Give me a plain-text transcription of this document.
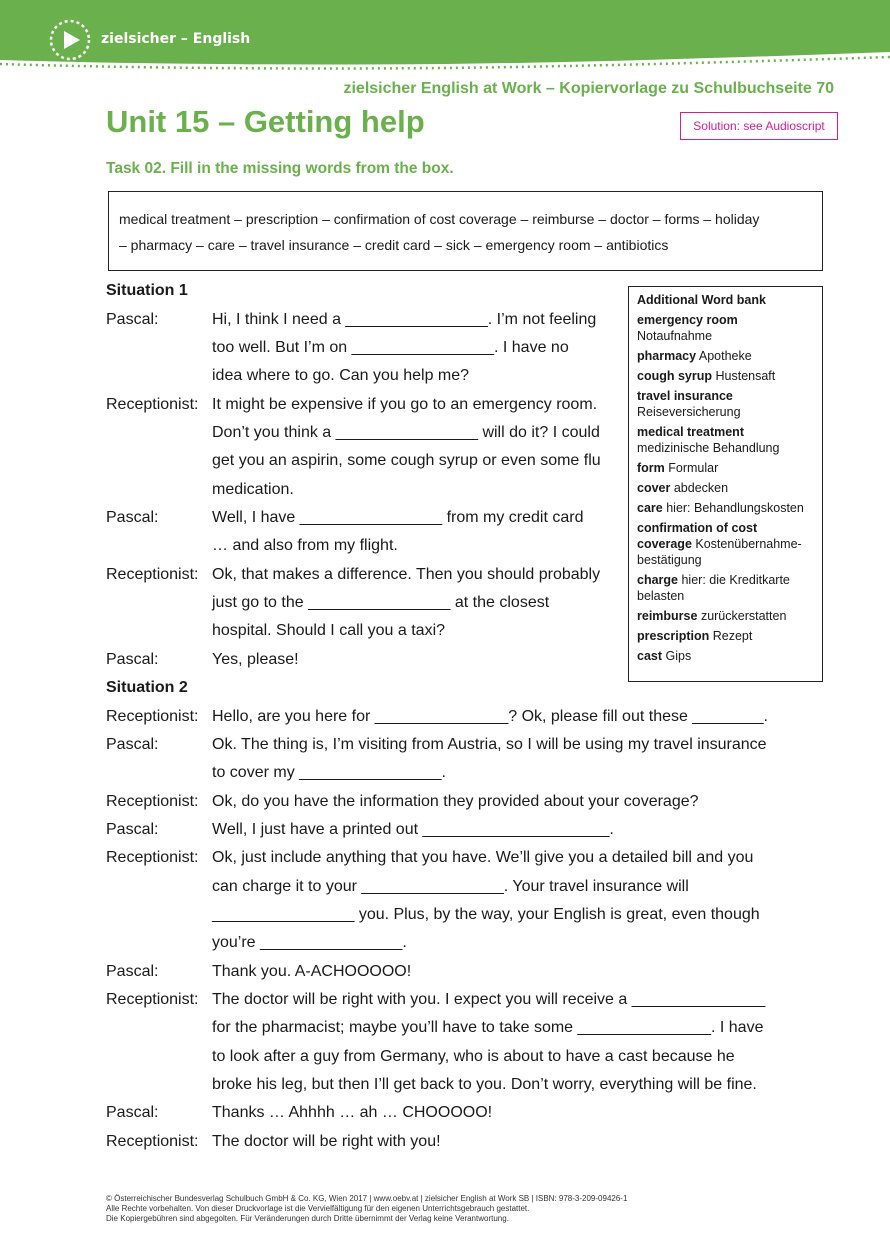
zielsicher – English
zielsicher English at Work – Kopiervorlage zu Schulbuchseite 70
Unit 15 – Getting help	Solution: see Audioscript
Task 02. Fill in the missing words from the box.
medical treatment – prescription – confirmation of cost coverage – reimburse – doctor – forms – holiday
– pharmacy – care – travel insurance – credit card – sick – emergency room – antibiotics
Additional Word bank
emergency room
Notaufnahme
pharmacy Apotheke
cough syrup Hustensaft
travel insurance
Reiseversicherung
medical treatment
medizinische Behandlung
form Formular
cover abdecken
care hier: Behandlungskosten
confirmation of cost coverage Kostenübernahme-bestätigung
charge hier: die Kreditkarte belasten
reimburse zurückerstatten
prescription Rezept
cast Gips
Situation 1
Pascal:	Hi, I think I need a ________________. I’m not feeling
too well. But I’m on ________________. I have no
idea where to go. Can you help me?
Receptionist: It might be expensive if you go to an emergency room.
Don’t you think a ________________ will do it? I could
get you an aspirin, some cough syrup or even some flu
medication.
Pascal:	Well, I have ________________ from my credit card
… and also from my flight.
Receptionist: Ok, that makes a difference. Then you should probably
just go to the ________________ at the closest
hospital. Should I call you a taxi?
Pascal:	Yes, please!
Situation 2
Receptionist: Hello, are you here for _______________? Ok, please fill out these ________.
Pascal:	Ok. The thing is, I’m visiting from Austria, so I will be using my travel insurance
to cover my ________________.
Receptionist: Ok, do you have the information they provided about your coverage?
Pascal:	Well, I just have a printed out _____________________.
Receptionist: Ok, just include anything that you have. We’ll give you a detailed bill and you
can charge it to your ________________. Your travel insurance will
________________ you. Plus, by the way, your English is great, even though
you’re ________________.
Pascal:	Thank you. A-ACHOOOOO!
Receptionist: The doctor will be right with you. I expect you will receive a _______________
for the pharmacist; maybe you’ll have to take some _______________. I have
to look after a guy from Germany, who is about to have a cast because he
broke his leg, but then I’ll get back to you. Don’t worry, everything will be fine.
Pascal:	Thanks … Ahhhh … ah … CHOOOOO!
Receptionist: The doctor will be right with you!
© Österreichischer Bundesverlag Schulbuch GmbH & Co. KG, Wien 2017 | www.oebv.at | zielsicher English at Work SB | ISBN: 978-3-209-09426-1
Alle Rechte vorbehalten. Von dieser Druckvorlage ist die Vervielfältigung für den eigenen Unterrichtsgebrauch gestattet.
Die Kopiergebühren sind abgegolten. Für Veränderungen durch Dritte übernimmt der Verlag keine Verantwortung.
